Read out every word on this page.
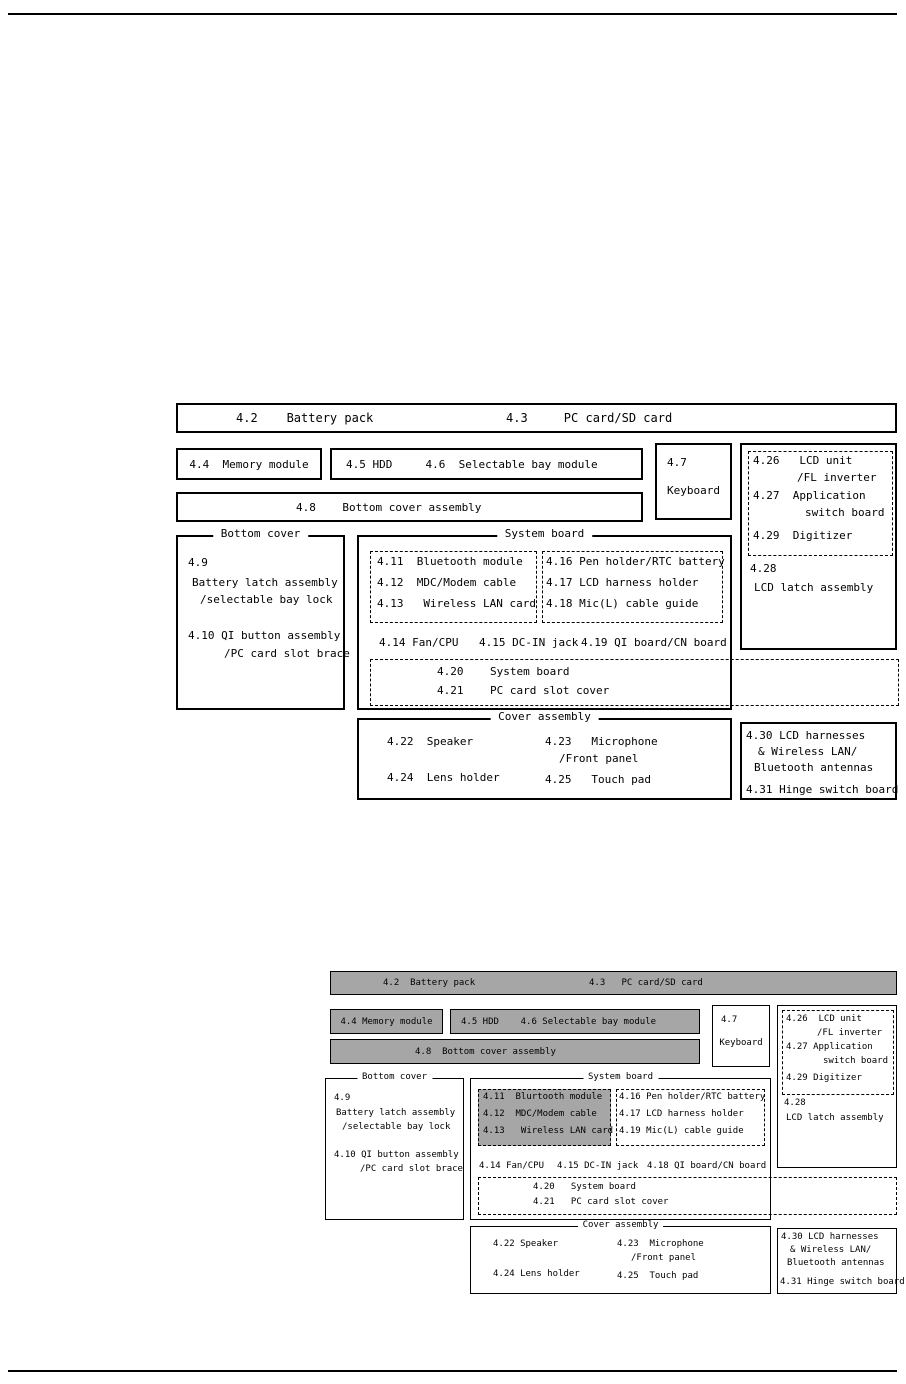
4.2    Battery pack	4.3     PC card/SD card
4.4  Memory module	4.5 HDD     4.6  Selectable bay module	4.7
Keyboard
4.26   LCD unit
/FL inverter
4.27  Application
switch board
4.29  Digitizer
4.28
LCD latch assembly
4.8    Bottom cover assembly
Bottom cover
4.9
Battery latch assembly
/selectable bay lock
4.10 QI button assembly
/PC card slot brace
System board
4.11  Bluetooth module
4.12  MDC/Modem cable
4.13   Wireless LAN card
4.16 Pen holder/RTC battery
4.17 LCD harness holder
4.18 Mic(L) cable guide
4.14 Fan/CPU 4.15 DC-IN jack 4.19 QI board/CN board
4.20    System board
4.21    PC card slot cover
Cover assembly
4.22  Speaker	4.23   Microphone
/Front panel
4.24  Lens holder	4.25   Touch pad
4.30 LCD harnesses
& Wireless LAN/
Bluetooth antennas
4.31 Hinge switch board
4.2  Battery pack	4.3   PC card/SD card
4.4 Memory module	4.5 HDD    4.6 Selectable bay module	4.7
Keyboard
4.26  LCD unit
/FL inverter
4.27 Application
switch board
4.29 Digitizer
4.28
LCD latch assembly
4.8  Bottom cover assembly
Bottom cover
4.9
Battery latch assembly
/selectable bay lock
4.10 QI button assembly
/PC card slot brace
System board
4.11  Blurtooth module
4.12  MDC/Modem cable
4.13   Wireless LAN card
4.16 Pen holder/RTC battery
4.17 LCD harness holder
4.19 Mic(L) cable guide
4.14 Fan/CPU 4.15 DC-IN jack 4.18 QI board/CN board
4.20   System board
4.21   PC card slot cover
Cover assembly
4.22 Speaker	4.23  Microphone
/Front panel
4.24 Lens holder	4.25  Touch pad
4.30 LCD harnesses
& Wireless LAN/
Bluetooth antennas
4.31 Hinge switch board
